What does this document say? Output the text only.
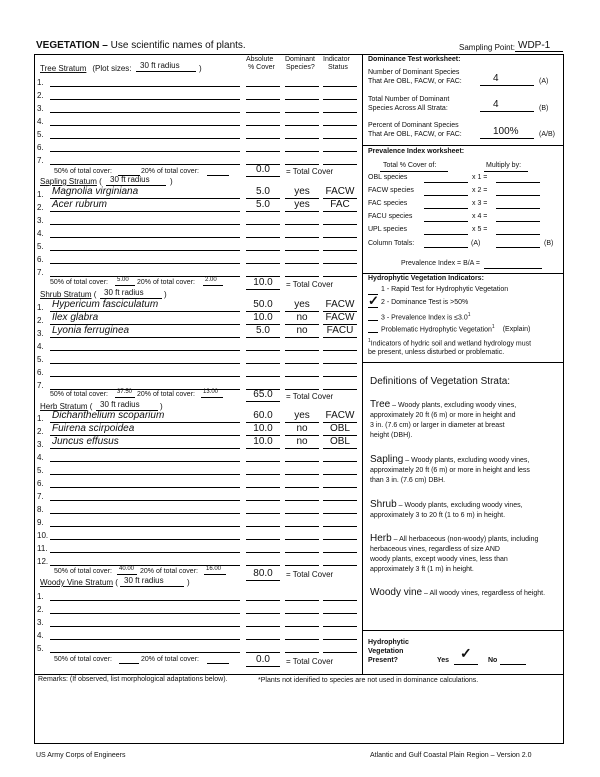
VEGETATION – Use scientific names of plants.	Sampling Point: WDP-1
Absolute
% Cover
Dominant
Species?
Indicator
Status
Tree Stratum (Plot sizes: 30 ft radius )
1.
2.
3.
4.
5.
6.
7.
50% of total cover:	20% of total cover:	0.0	= Total Cover
Sapling Stratum ( 30 ft radius	)
1. Magnolia virginiana	5.0	yes	FACW
2. Acer rubrum	5.0	yes	FAC
3.
4.
5.
6.
7.
50% of total cover: 5.00 20% of total cover: 2.00	10.0	= Total Cover
Shrub Stratum ( 30 ft radius	)
1. Hypericum fasciculatum	50.0	yes	FACW
2. Ilex glabra	10.0	no	FACW
3. Lyonia ferruginea	5.0	no	FACU
4.
5.
6.
7.
50% of total cover: 37.50 20% of total cover: 13.00	65.0	= Total Cover
Herb Stratum ( 30 ft radius	)
1. Dichanthelium scoparium	60.0	yes	FACW
2. Fuirena scirpoidea	10.0	no	OBL
3. Juncus effusus	10.0	no	OBL
4.
5.
6.
7.
8.
9.
10.
11.
12.
50% of total cover: 40.00 20% of total cover: 16.00	80.0	= Total Cover
Woody Vine Stratum ( 30 ft radius	)
1.
2.
3.
4.
5.
50% of total cover:	20% of total cover:	0.0	= Total Cover
Dominance Test worksheet:
Number of Dominant Species
That Are OBL, FACW, or FAC:	4	(A)
Total Number of Dominant
Species Across All Strata:	4	(B)
Percent of Dominant Species
That Are OBL, FACW, or FAC:	100%	(A/B)
Prevalence Index worksheet:
Total % Cover of:	Multiply by:
OBL species	x 1 =
FACW species	x 2 =
FAC species	x 3 =
FACU species	x 4 =
UPL species	x 5 =
Column Totals:	(A)	(B)
Prevalence Index = B/A =
Hydrophytic Vegetation Indicators:
1 - Rapid Test for Hydrophytic Vegetation
✓ 2 - Dominance Test is >50%
3 - Prevalence Index is $\le 3.0^1$
Problematic Hydrophytic Vegetation$^1$ (Explain)
$^1$Indicators of hydric soil and wetland hydrology must
be present, unless disturbed or problematic.
Definitions of Vegetation Strata:
Tree – Woody plants, excluding woody vines,
approximately 20 ft (6 m) or more in height and
3 in. (7.6 cm) or larger in diameter at breast
height (DBH).
Sapling – Woody plants, excluding woody vines,
approximately 20 ft (6 m) or more in height and less
than 3 in. (7.6 cm) DBH.
Shrub – Woody plants, excluding woody vines,
approximately 3 to 20 ft (1 to 6 m) in height.
Herb – All herbaceous (non-woody) plants, including
herbaceous vines, regardless of size AND
woody plants, except woody vines, less than
approximately 3 ft (1 m) in height.
Woody vine – All woody vines, regardless of height.
Hydrophytic
Vegetation
Present?	Yes ✓ No
Remarks: (If observed, list morphological adaptations below).	*Plants not idenified to species are not used in dominance calculations.
US Army Corps of Engineers	Atlantic and Gulf Coastal Plain Region – Version 2.0
